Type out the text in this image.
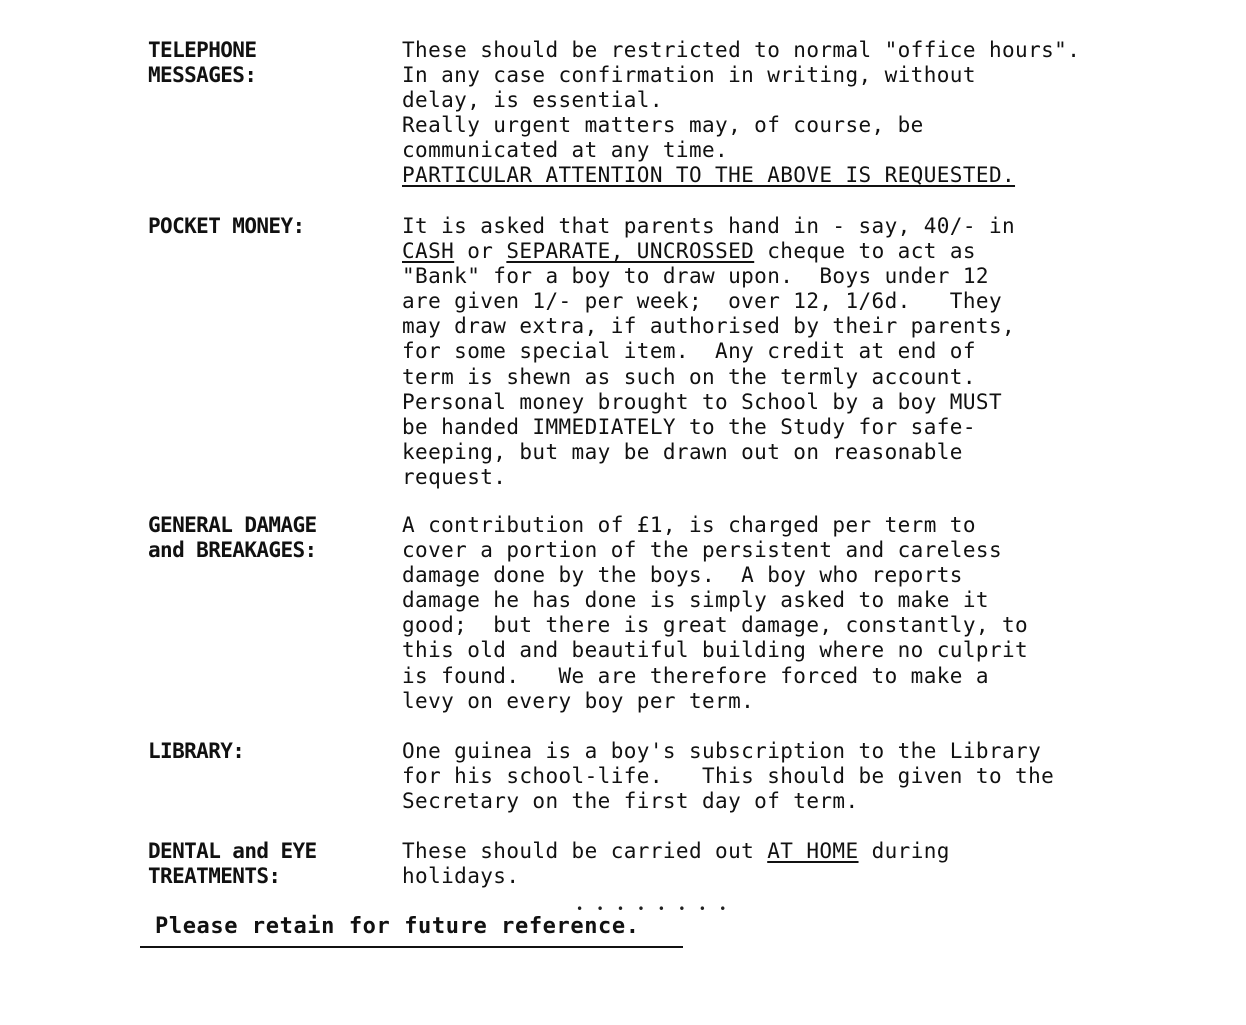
TELEPHONE
MESSAGES:
These should be restricted to normal "office hours".
In any case confirmation in writing, without
delay, is essential.
Really urgent matters may, of course, be
communicated at any time.
PARTICULAR ATTENTION TO THE ABOVE IS REQUESTED.
POCKET MONEY:	It is asked that parents hand in - say, 40/- in
CASH or SEPARATE, UNCROSSED cheque to act as
"Bank" for a boy to draw upon.  Boys under 12
are given 1/- per week;  over 12, 1/6d.   They
may draw extra, if authorised by their parents,
for some special item.  Any credit at end of
term is shewn as such on the termly account.
Personal money brought to School by a boy MUST
be handed IMMEDIATELY to the Study for safe-
keeping, but may be drawn out on reasonable
request.
GENERAL DAMAGE
and BREAKAGES:
A contribution of £1, is charged per term to
cover a portion of the persistent and careless
damage done by the boys.  A boy who reports
damage he has done is simply asked to make it
good;  but there is great damage, constantly, to
this old and beautiful building where no culprit
is found.   We are therefore forced to make a
levy on every boy per term.
LIBRARY:	One guinea is a boy's subscription to the Library
for his school-life.   This should be given to the
Secretary on the first day of term.
DENTAL and EYE
TREATMENTS:
These should be carried out AT HOME during
holidays.
• • • • • • • •
Please retain for future reference.
